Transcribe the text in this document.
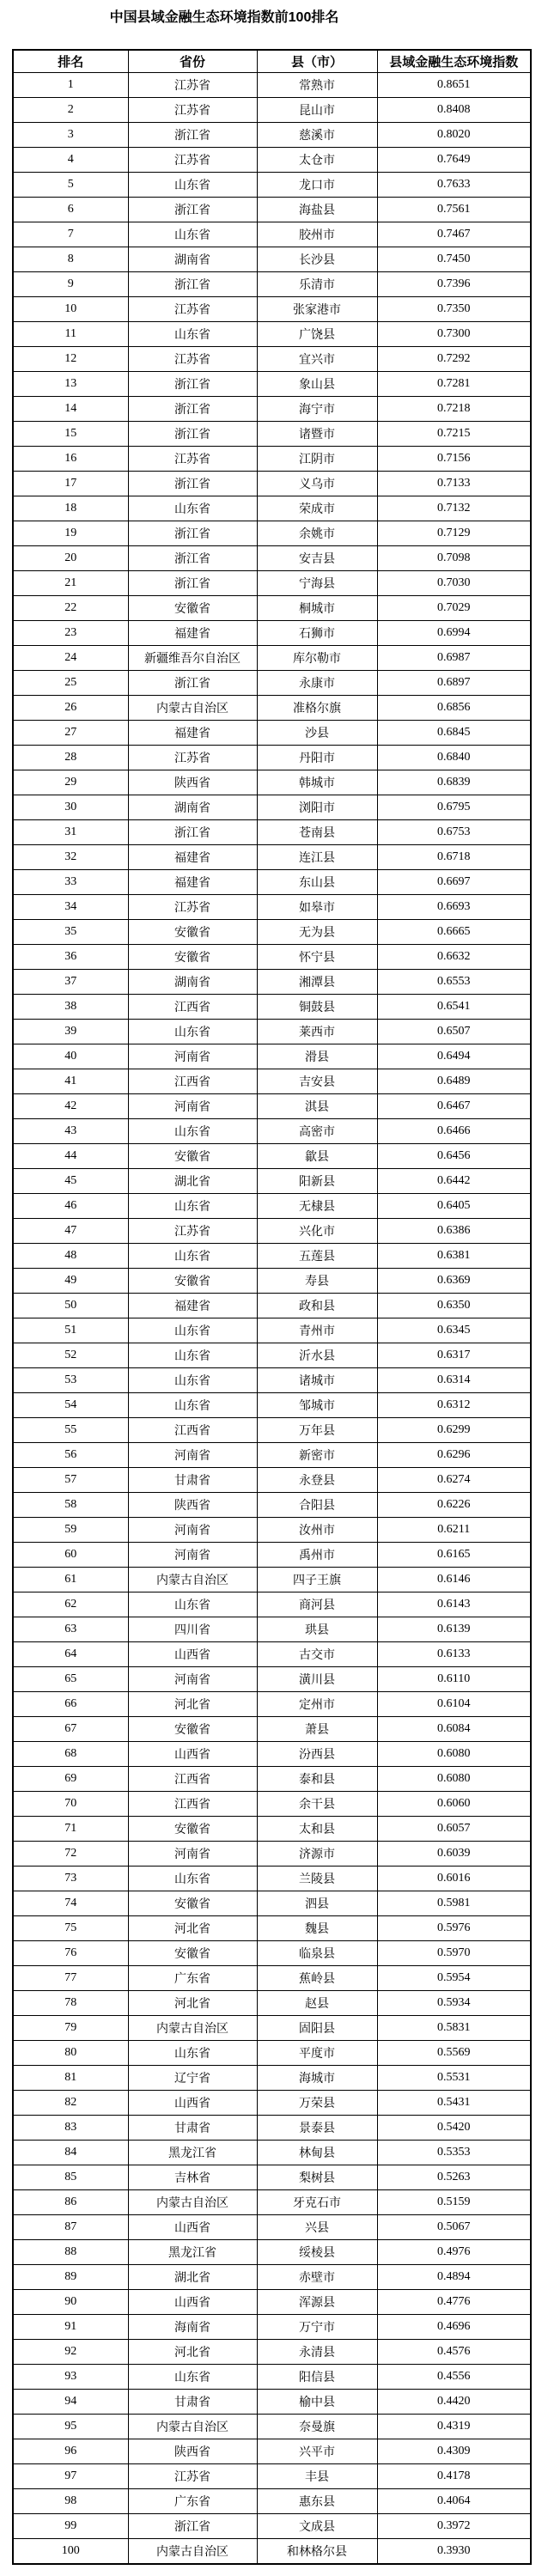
中国县域金融生态环境指数前100排名
排名	省份	县（市）	县域金融生态环境指数
1	江苏省	常熟市	0.8651
2	江苏省	昆山市	0.8408
3	浙江省	慈溪市	0.8020
4	江苏省	太仓市	0.7649
5	山东省	龙口市	0.7633
6	浙江省	海盐县	0.7561
7	山东省	胶州市	0.7467
8	湖南省	长沙县	0.7450
9	浙江省	乐清市	0.7396
10	江苏省	张家港市	0.7350
11	山东省	广饶县	0.7300
12	江苏省	宜兴市	0.7292
13	浙江省	象山县	0.7281
14	浙江省	海宁市	0.7218
15	浙江省	诸暨市	0.7215
16	江苏省	江阴市	0.7156
17	浙江省	义乌市	0.7133
18	山东省	荣成市	0.7132
19	浙江省	余姚市	0.7129
20	浙江省	安吉县	0.7098
21	浙江省	宁海县	0.7030
22	安徽省	桐城市	0.7029
23	福建省	石狮市	0.6994
24	新疆维吾尔自治区	库尔勒市	0.6987
25	浙江省	永康市	0.6897
26	内蒙古自治区	准格尔旗	0.6856
27	福建省	沙县	0.6845
28	江苏省	丹阳市	0.6840
29	陕西省	韩城市	0.6839
30	湖南省	浏阳市	0.6795
31	浙江省	苍南县	0.6753
32	福建省	连江县	0.6718
33	福建省	东山县	0.6697
34	江苏省	如皋市	0.6693
35	安徽省	无为县	0.6665
36	安徽省	怀宁县	0.6632
37	湖南省	湘潭县	0.6553
38	江西省	铜鼓县	0.6541
39	山东省	莱西市	0.6507
40	河南省	滑县	0.6494
41	江西省	吉安县	0.6489
42	河南省	淇县	0.6467
43	山东省	高密市	0.6466
44	安徽省	歙县	0.6456
45	湖北省	阳新县	0.6442
46	山东省	无棣县	0.6405
47	江苏省	兴化市	0.6386
48	山东省	五莲县	0.6381
49	安徽省	寿县	0.6369
50	福建省	政和县	0.6350
51	山东省	青州市	0.6345
52	山东省	沂水县	0.6317
53	山东省	诸城市	0.6314
54	山东省	邹城市	0.6312
55	江西省	万年县	0.6299
56	河南省	新密市	0.6296
57	甘肃省	永登县	0.6274
58	陕西省	合阳县	0.6226
59	河南省	汝州市	0.6211
60	河南省	禹州市	0.6165
61	内蒙古自治区	四子王旗	0.6146
62	山东省	商河县	0.6143
63	四川省	珙县	0.6139
64	山西省	古交市	0.6133
65	河南省	潢川县	0.6110
66	河北省	定州市	0.6104
67	安徽省	萧县	0.6084
68	山西省	汾西县	0.6080
69	江西省	泰和县	0.6080
70	江西省	余干县	0.6060
71	安徽省	太和县	0.6057
72	河南省	济源市	0.6039
73	山东省	兰陵县	0.6016
74	安徽省	泗县	0.5981
75	河北省	魏县	0.5976
76	安徽省	临泉县	0.5970
77	广东省	蕉岭县	0.5954
78	河北省	赵县	0.5934
79	内蒙古自治区	固阳县	0.5831
80	山东省	平度市	0.5569
81	辽宁省	海城市	0.5531
82	山西省	万荣县	0.5431
83	甘肃省	景泰县	0.5420
84	黑龙江省	林甸县	0.5353
85	吉林省	梨树县	0.5263
86	内蒙古自治区	牙克石市	0.5159
87	山西省	兴县	0.5067
88	黑龙江省	绥棱县	0.4976
89	湖北省	赤壁市	0.4894
90	山西省	浑源县	0.4776
91	海南省	万宁市	0.4696
92	河北省	永清县	0.4576
93	山东省	阳信县	0.4556
94	甘肃省	榆中县	0.4420
95	内蒙古自治区	奈曼旗	0.4319
96	陕西省	兴平市	0.4309
97	江苏省	丰县	0.4178
98	广东省	惠东县	0.4064
99	浙江省	文成县	0.3972
100	内蒙古自治区	和林格尔县	0.3930
